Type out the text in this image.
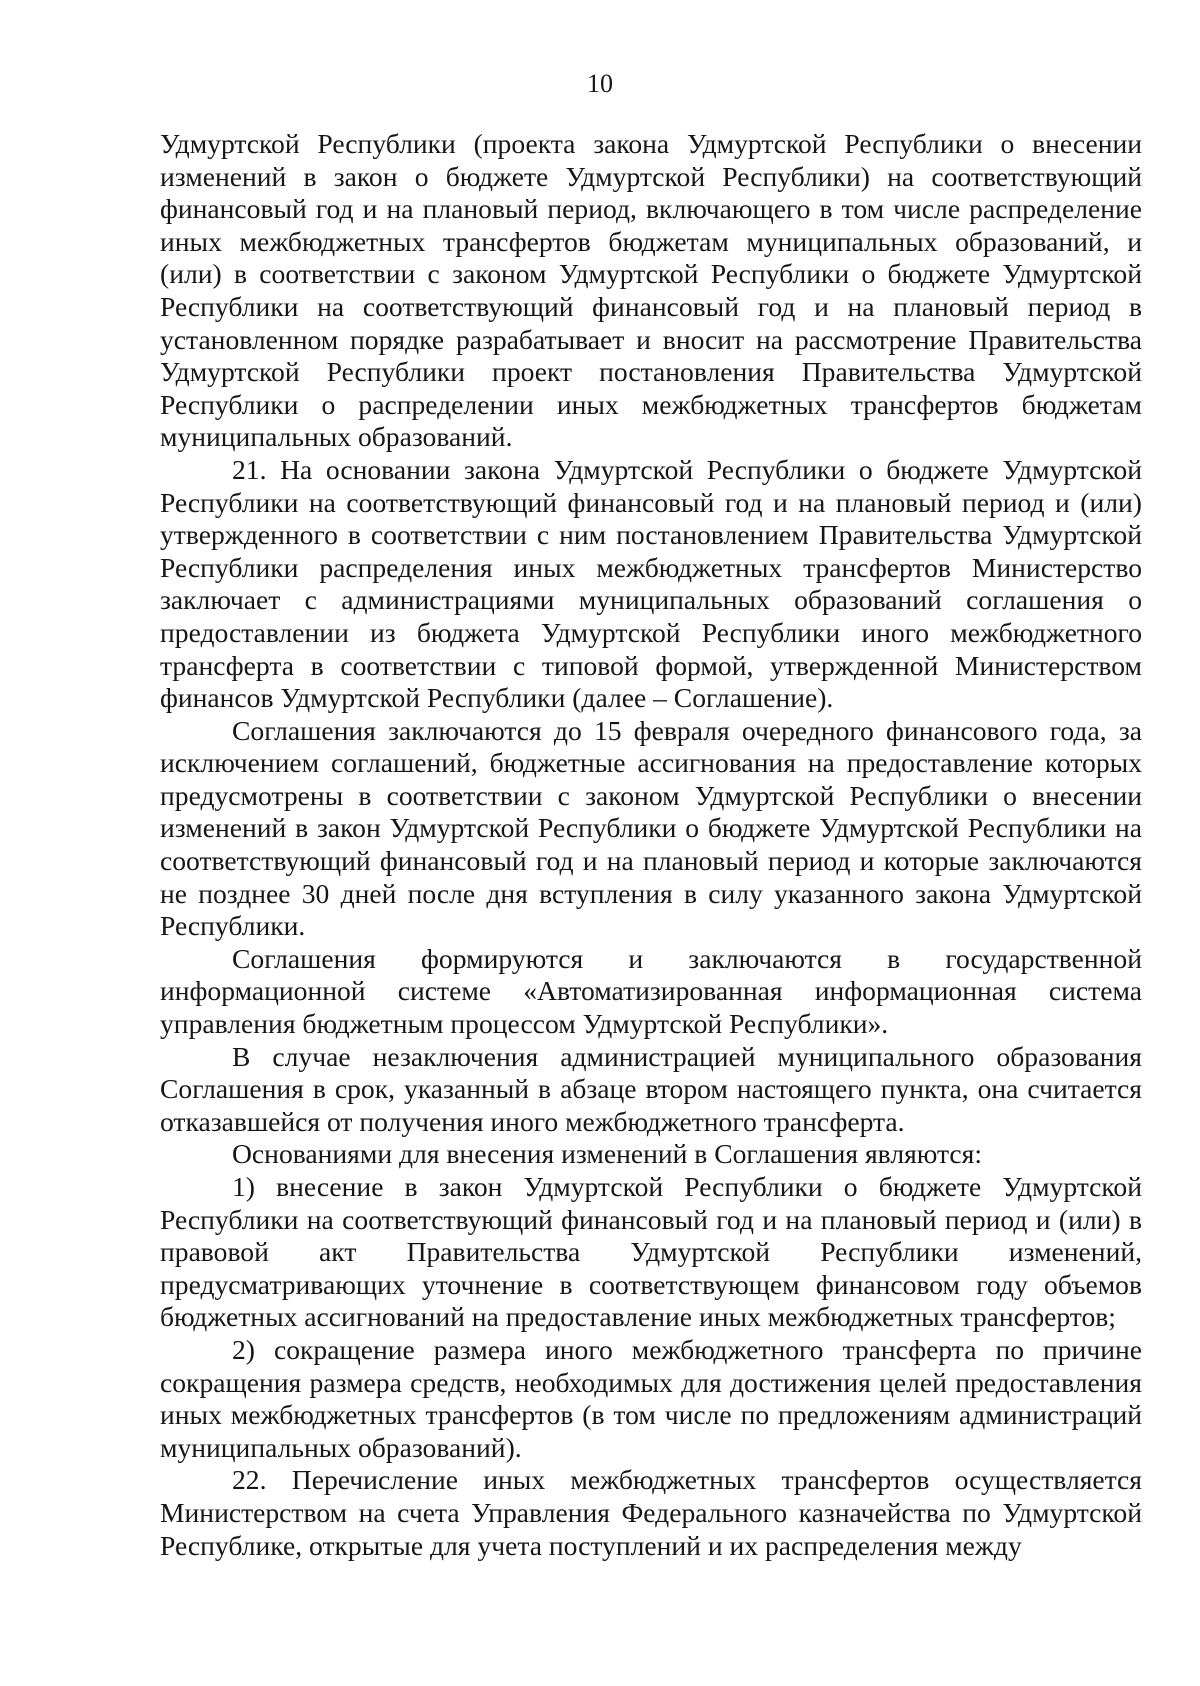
10

Удмуртской Республики (проекта закона Удмуртской Республики о внесении изменений в закон о бюджете Удмуртской Республики) на соответствующий финансовый год и на плановый период, включающего в том числе распределение иных межбюджетных трансфертов бюджетам муниципальных образований, и (или) в соответствии с законом Удмуртской Республики о бюджете Удмуртской Республики на соответствующий финансовый год и на плановый период в установленном порядке разрабатывает и вносит на рассмотрение Правительства Удмуртской Республики проект постановления Правительства Удмуртской Республики о распределении иных межбюджетных трансфертов бюджетам муниципальных образований.

21. На основании закона Удмуртской Республики о бюджете Удмуртской Республики на соответствующий финансовый год и на плановый период и (или) утвержденного в соответствии с ним постановлением Правительства Удмуртской Республики распределения иных межбюджетных трансфертов Министерство заключает с администрациями муниципальных образований соглашения о предоставлении из бюджета Удмуртской Республики иного межбюджетного трансферта в соответствии с типовой формой, утвержденной Министерством финансов Удмуртской Республики (далее – Соглашение).

Соглашения заключаются до 15 февраля очередного финансового года, за исключением соглашений, бюджетные ассигнования на предоставление которых предусмотрены в соответствии с законом Удмуртской Республики о внесении изменений в закон Удмуртской Республики о бюджете Удмуртской Республики на соответствующий финансовый год и на плановый период и которые заключаются не позднее 30 дней после дня вступления в силу указанного закона Удмуртской Республики.

Соглашения формируются и заключаются в государственной информационной системе «Автоматизированная информационная система управления бюджетным процессом Удмуртской Республики».

В случае незаключения администрацией муниципального образования Соглашения в срок, указанный в абзаце втором настоящего пункта, она считается отказавшейся от получения иного межбюджетного трансферта.

Основаниями для внесения изменений в Соглашения являются:

1) внесение в закон Удмуртской Республики о бюджете Удмуртской Республики на соответствующий финансовый год и на плановый период и (или) в правовой акт Правительства Удмуртской Республики изменений, предусматривающих уточнение в соответствующем финансовом году объемов бюджетных ассигнований на предоставление иных межбюджетных трансфертов;

2) сокращение размера иного межбюджетного трансферта по причине сокращения размера средств, необходимых для достижения целей предоставления иных межбюджетных трансфертов (в том числе по предложениям администраций муниципальных образований).

22. Перечисление иных межбюджетных трансфертов осуществляется Министерством на счета Управления Федерального казначейства по Удмуртской Республике, открытые для учета поступлений и их распределения между
